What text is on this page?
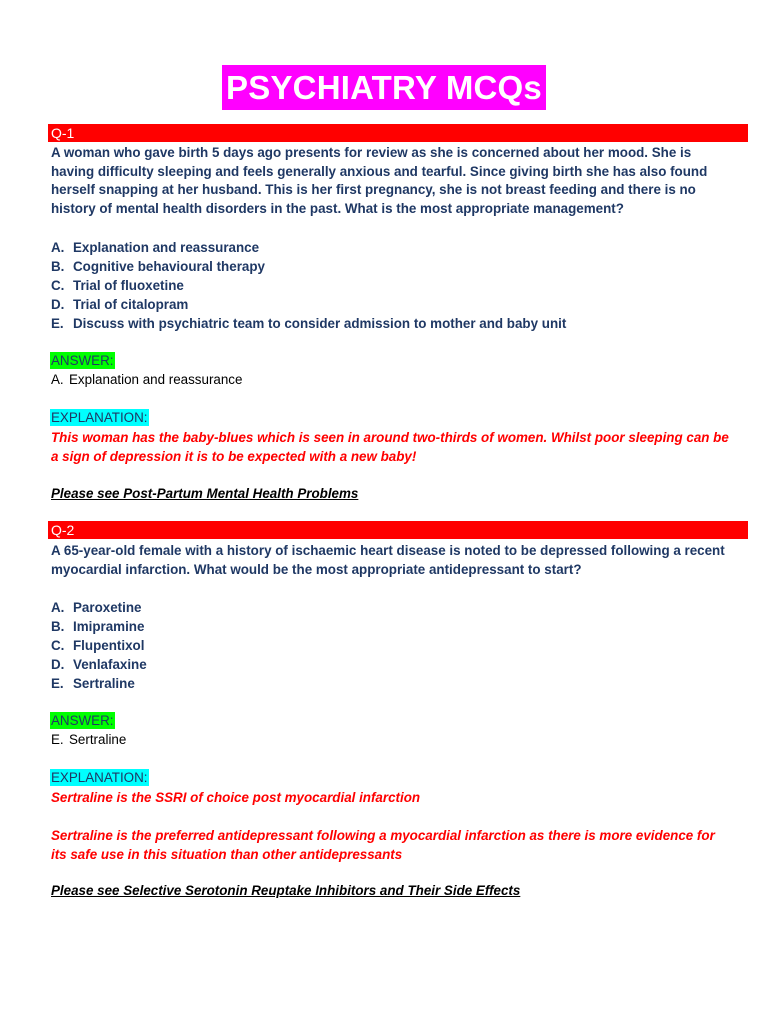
PSYCHIATRY MCQs
Q-1

A woman who gave birth 5 days ago presents for review as she is concerned about her mood. She is having difficulty sleeping and feels generally anxious and tearful. Since giving birth she has also found herself snapping at her husband. This is her first pregnancy, she is not breast feeding and there is no history of mental health disorders in the past. What is the most appropriate management?

A. Explanation and reassurance
B. Cognitive behavioural therapy
C. Trial of fluoxetine
D. Trial of citalopram
E. Discuss with psychiatric team to consider admission to mother and baby unit
ANSWER:
A. Explanation and reassurance
EXPLANATION:

This woman has the baby-blues which is seen in around two-thirds of women. Whilst poor sleeping can be a sign of depression it is to be expected with a new baby!

Please see Post-Partum Mental Health Problems
Q-2

A 65-year-old female with a history of ischaemic heart disease is noted to be depressed following a recent myocardial infarction. What would be the most appropriate antidepressant to start?

A. Paroxetine
B. Imipramine
C. Flupentixol
D. Venlafaxine
E. Sertraline
ANSWER:
E. Sertraline
EXPLANATION:

Sertraline is the SSRI of choice post myocardial infarction

Sertraline is the preferred antidepressant following a myocardial infarction as there is more evidence for its safe use in this situation than other antidepressants

Please see Selective Serotonin Reuptake Inhibitors and Their Side Effects
